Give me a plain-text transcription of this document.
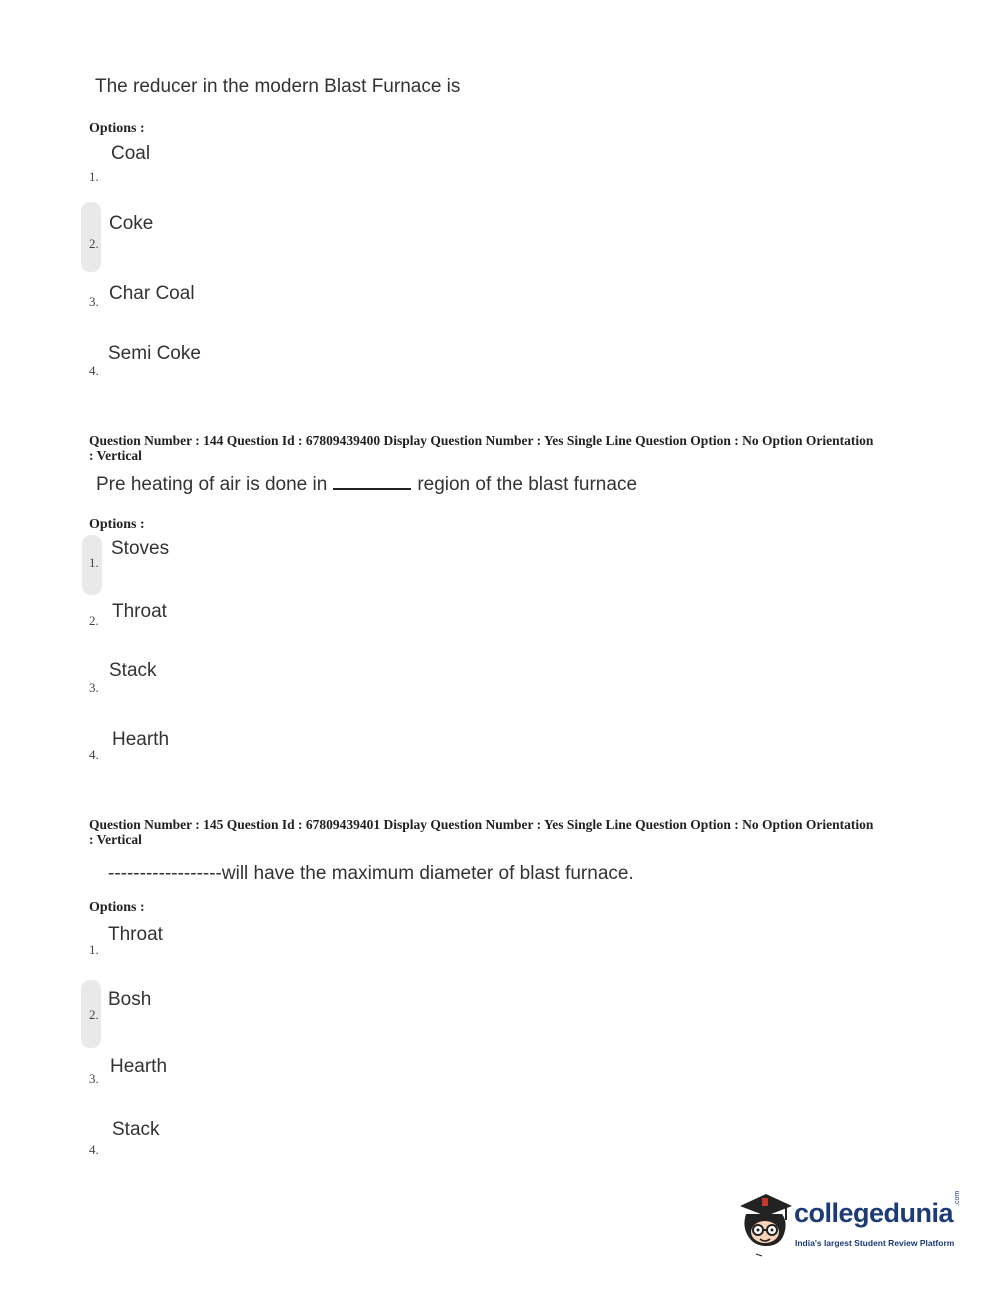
The reducer in the modern Blast Furnace is
Options :
Coal
1.
Coke
2.
Char Coal
3.
Semi Coke
4.
Question Number : 144 Question Id : 67809439400 Display Question Number : Yes Single Line Question Option : No Option Orientation : Vertical
Pre heating of air is done in	region of the blast furnace
Options :
Stoves
1.
Throat
2.
Stack
3.
Hearth
4.
Question Number : 145 Question Id : 67809439401 Display Question Number : Yes Single Line Question Option : No Option Orientation : Vertical
------------------will have the maximum diameter of blast furnace.
Options :
Throat
1.
Bosh
2.
Hearth
3.
Stack
4.
collegedunia .com
India's largest Student Review Platform
